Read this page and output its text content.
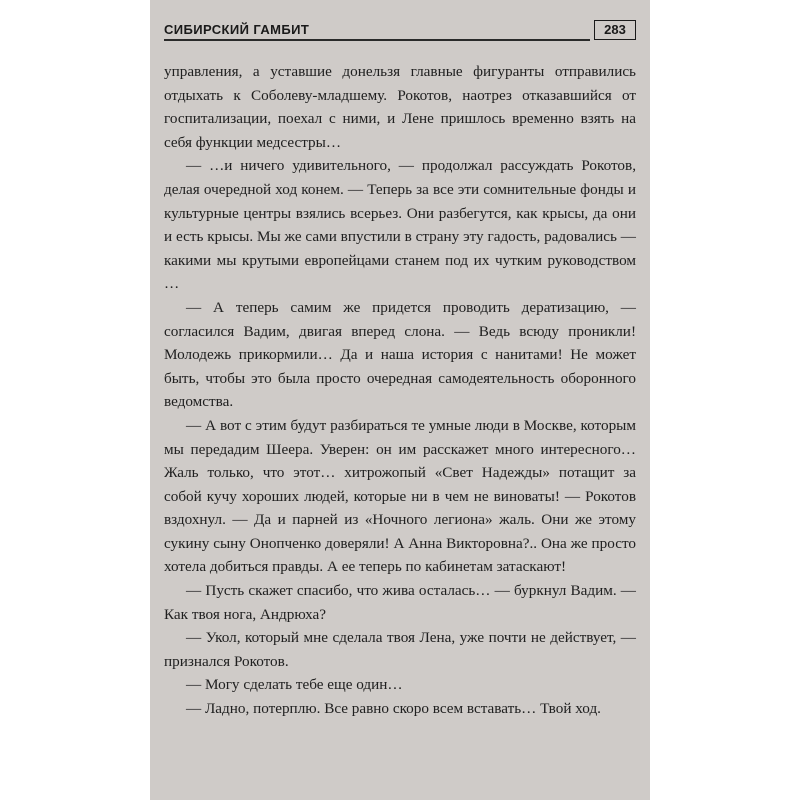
СИБИРСКИЙ ГАМБИТ	283

управления, а уставшие донельзя главные фигуранты отправились отдыхать к Соболеву-младшему. Рокотов, наотрез отказавшийся от госпитализации, поехал с ними, и Лене пришлось временно взять на себя функции медсестры…

— …и ничего удивительного, — продолжал рассуждать Рокотов, делая очередной ход конем. — Теперь за все эти сомнительные фонды и культурные центры взялись всерьез. Они разбегутся, как крысы, да они и есть крысы. Мы же сами впустили в страну эту гадость, радовались — какими мы крутыми европейцами станем под их чутким руководством …

— А теперь самим же придется проводить дератизацию, — согласился Вадим, двигая вперед слона. — Ведь всюду проникли! Молодежь прикормили… Да и наша история с нанитами! Не может быть, чтобы это была просто очередная самодеятельность оборонного ведомства.

— А вот с этим будут разбираться те умные люди в Москве, которым мы передадим Шеера. Уверен: он им расскажет много интересного… Жаль только, что этот… хитрожопый «Свет Надежды» потащит за собой кучу хороших людей, которые ни в чем не виноваты! — Рокотов вздохнул. — Да и парней из «Ночного легиона» жаль. Они же этому сукину сыну Онопченко доверяли! А Анна Викторовна?.. Она же просто хотела добиться правды. А ее теперь по кабинетам затаскают!

— Пусть скажет спасибо, что жива осталась… — буркнул Вадим. — Как твоя нога, Андрюха?

— Укол, который мне сделала твоя Лена, уже почти не действует, — признался Рокотов.

— Могу сделать тебе еще один…

— Ладно, потерплю. Все равно скоро всем вставать… Твой ход.
